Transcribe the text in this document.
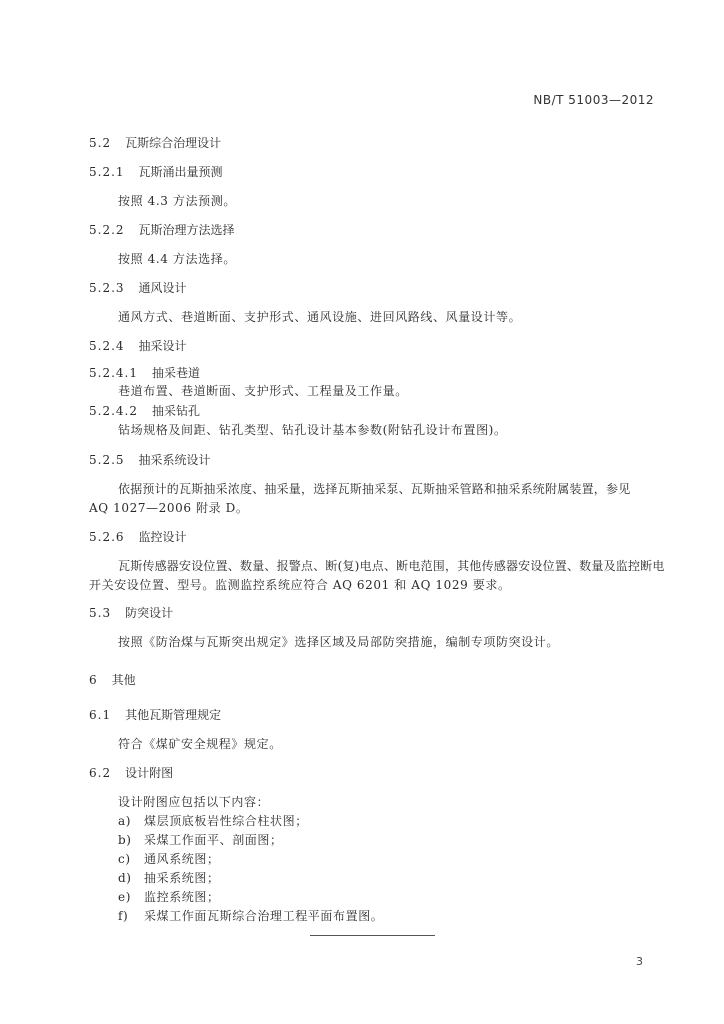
NB/T 51003—2012
5.2 瓦斯综合治理设计
5.2.1 瓦斯涌出量预测
按照 4.3 方法预测。
5.2.2 瓦斯治理方法选择
按照 4.4 方法选择。
5.2.3 通风设计
通风方式、巷道断面、支护形式、通风设施、进回风路线、风量设计等。
5.2.4 抽采设计
5.2.4.1 抽采巷道
巷道布置、巷道断面、支护形式、工程量及工作量。
5.2.4.2 抽采钻孔
钻场规格及间距、钻孔类型、钻孔设计基本参数(附钻孔设计布置图)。
5.2.5 抽采系统设计
依据预计的瓦斯抽采浓度、抽采量，选择瓦斯抽采泵、瓦斯抽采管路和抽采系统附属装置，参见
AQ 1027—2006 附录 D。
5.2.6 监控设计
瓦斯传感器安设位置、数量、报警点、断(复)电点、断电范围，其他传感器安设位置、数量及监控断电
开关安设位置、型号。监测监控系统应符合 AQ 6201 和 AQ 1029 要求。
5.3 防突设计
按照《防治煤与瓦斯突出规定》选择区域及局部防突措施，编制专项防突设计。
6 其他
6.1 其他瓦斯管理规定
符合《煤矿安全规程》规定。
6.2 设计附图
设计附图应包括以下内容：
a) 煤层顶底板岩性综合柱状图；
b) 采煤工作面平、剖面图；
c) 通风系统图；
d) 抽采系统图；
e) 监控系统图；
f) 采煤工作面瓦斯综合治理工程平面布置图。
3
